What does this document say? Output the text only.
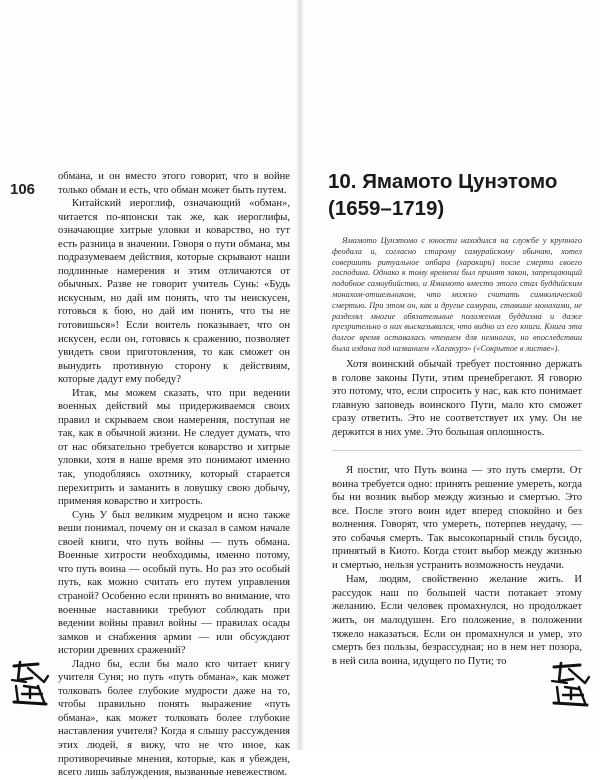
106

обмана, и он вместо этого говорит, что в войне только обман и есть, что обман может быть путем.

Китайский иероглиф, означающий «обман», читается по-японски так же, как иероглифы, означающие хитрые уловки и коварство, но тут есть разница в значении. Говоря о пути обмана, мы подразумеваем действия, которые скрывают наши подлинные намерения и этим отличаются от обычных. Разве не говорит учитель Сунь: «Будь искусным, но дай им понять, что ты неискусен, готовься к бою, но дай им понять, что ты не готовишься»! Если воитель показывает, что он искусен, если он, готовясь к сражению, позволяет увидеть свои приготовления, то как сможет он вынудить противную сторону к действиям, которые дадут ему победу?

Итак, мы можем сказать, что при ведении военных действий мы придерживаемся своих правил и скрываем свои намерения, поступая не так, как в обычной жизни. Не следует думать, что от нас обязательно требуется коварство и хитрые уловки, хотя в наше время это понимают именно так, уподобляясь охотнику, который старается перехитрить и заманить в ловушку свою добычу, применяя коварство и хитрость.

Сунь У был великим мудрецом и ясно также веши понимал, почему он и сказал в самом начале своей книги, что путь войны — путь обмана. Военные хитрости необходимы, именно потому, что путь воина — особый путь. Но раз это особый путь, как можно считать его путем управления страной? Особенно если принять во внимание, что военные наставники требуют соблюдать при ведении войны правил войны — правилах осады замков и снабжения армии — или обсуждают истории древних сражений?

Ладно бы, если бы мало кто читает книгу учителя Суня; но путь «путь обмана», как может толковать более глубокие мудрости даже на то, чтобы правильно понять выражение «путь обмана», как может толковать более глубокие наставления учителя? Когда я слышу рассуждения этих людей, я вижу, что не что иное, как противоречивые мнения, которые, как я убежден, всего лишь заблуждения, вызванные невежеством.

10. Ямамото Цунэтомо (1659–1719)

Ямамото Цунэтомо с юности находился на службе у крупного феодала и, согласно старому самурайскому обычаю, хотел совершить ритуальное опбара (харакири) после смерти своего господина. Однако к тому времени был принят закон, запрещающий подобное самоубийство, и Ямамото вместо этого стал буддийским монахом-отшельником, что можно считать символической смертью. При этом он, как и другие самураи, ставшие монахами, не разделял многие обязательные положения буддизма и даже презрительно о них высказывался, что видно из его книги. Книга эта долгое время оставалась чтением для немногих, но впоследствии была издана под названием «Хагакурэ» («Сокрытое в листве»).

Хотя воинский обычай требует постоянно держать в голове законы Пути, этим пренебрегают. Я говорю это потому, что, если спросить у нас, как кто понимает главную заповедь воинского Пути, мало кто сможет сразу ответить. Это не соответствует их уму. Он не держится в них уме. Это большая оплошность.

Я постиг, что Путь воина — это путь смерти. От воина требуется одно: принять решение умереть, когда бы ни возник выбор между жизнью и смертью. Это все. После этого воин идет вперед спокойно и без волнения. Говорят, что умереть, потерпев неудачу, — это собачья смерть. Так высокопарный стиль бусидо, принятый в Киото. Когда стоит выбор между жизнью и смертью, нельзя устранить возможность неудачи.

Нам, людям, свойственно желание жить. И рассудок наш по большей части потакает этому желанию. Если человек промахнулся, но продолжает жить, он малодушен. Его положение, в положении тяжело наказаться. Если он промахнулся и умер, это смерть без пользы, безрассудная; но в нем нет позора, в ней сила воина, идущего по Пути; то
